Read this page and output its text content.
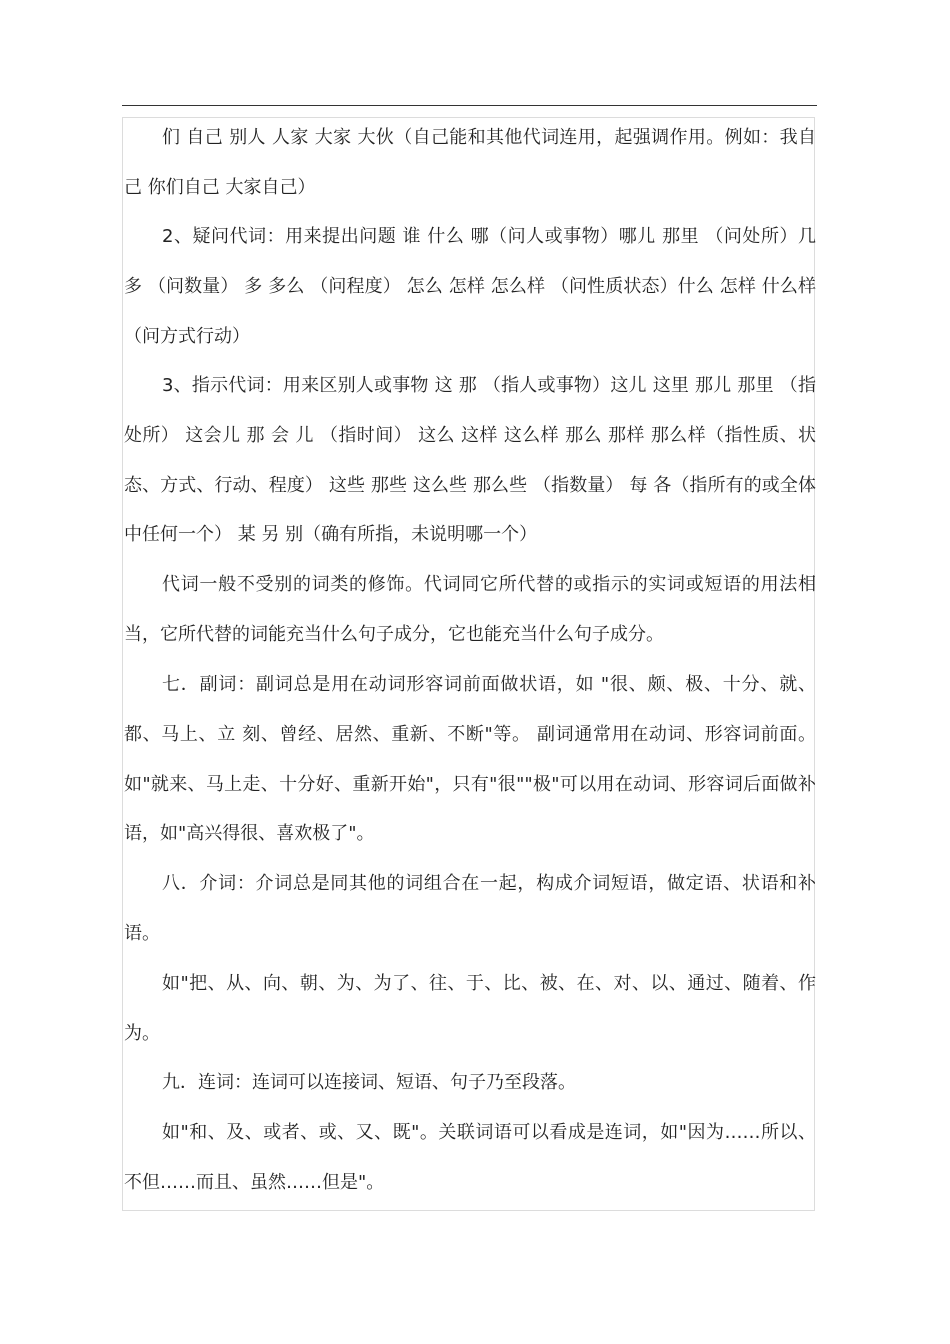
们 自己 别人 人家 大家 大伙（自己能和其他代词连用，起强调作用。例如：我自己 你们自己 大家自己）

2、疑问代词：用来提出问题 谁 什么 哪（问人或事物）哪儿 那里 （问处所）几 多 （问数量） 多 多么 （问程度） 怎么 怎样 怎么样 （问性质状态）什么 怎样 什么样 （问方式行动）

3、指示代词：用来区别人或事物 这 那 （指人或事物）这儿 这里 那儿 那里 （指处所） 这会儿 那 会 儿 （指时间） 这么 这样 这么样 那么 那样 那么样（指性质、状态、方式、行动、程度） 这些 那些 这么些 那么些 （指数量） 每 各（指所有的或全体中任何一个） 某 另 别（确有所指，未说明哪一个）

代词一般不受别的词类的修饰。代词同它所代替的或指示的实词或短语的用法相当，它所代替的词能充当什么句子成分，它也能充当什么句子成分。

七．副词：副词总是用在动词形容词前面做状语，如 "很、颇、极、十分、就、都、马上、立 刻、曾经、居然、重新、不断"等。 副词通常用在动词、形容词前面。如"就来、马上走、十分好、重新开始"，只有"很""极"可以用在动词、形容词后面做补语，如"高兴得很、喜欢极了"。

八．介词：介词总是同其他的词组合在一起，构成介词短语，做定语、状语和补语。

如"把、从、向、朝、为、为了、往、于、比、被、在、对、以、通过、随着、作为。

九．连词：连词可以连接词、短语、句子乃至段落。

如"和、及、或者、或、又、既"。关联词语可以看成是连词，如"因为……所以、不但……而且、虽然……但是"。
